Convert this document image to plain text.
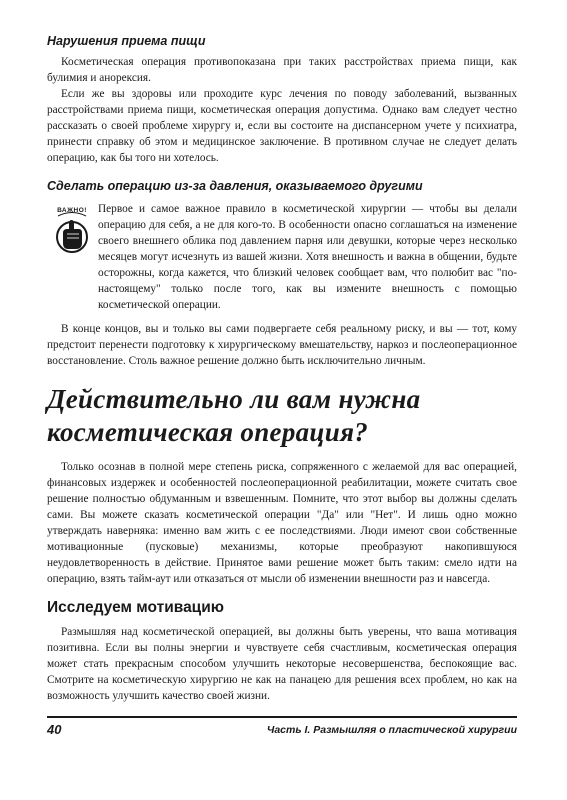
Нарушения приема пищи

Косметическая операция противопоказана при таких расстройствах приема пищи, как булимия и анорексия.

Если же вы здоровы или проходите курс лечения по поводу заболеваний, вызванных расстройствами приема пищи, косметическая операция допустима. Однако вам следует честно рассказать о своей проблеме хирургу и, если вы состоите на диспансерном учете у психиатра, принести справку об этом и медицинское заключение. В противном случае не следует делать операцию, как бы того ни хотелось.

Сделать операцию из-за давления, оказываемого другими
ВАЖНО! Первое и самое важное правило в косметической хирургии — чтобы вы делали операцию для себя, а не для кого-то. В особенности опасно соглашаться на изменение своего внешнего облика под давлением парня или девушки, которые через несколько месяцев могут исчезнуть из вашей жизни. Хотя внешность и важна в общении, будьте осторожны, когда кажется, что близкий человек сообщает вам, что полюбит вас "по-настоящему" только после того, как вы измените внешность с помощью косметической операции.

В конце концов, вы и только вы сами подвергаете себя реальному риску, и вы — тот, кому предстоит перенести подготовку к хирургическому вмешательству, наркоз и послеоперационное восстановление. Столь важное решение должно быть исключительно личным.

Действительно ли вам нужна
косметическая операция?

Только осознав в полной мере степень риска, сопряженного с желаемой для вас операцией, финансовых издержек и особенностей послеоперационной реабилитации, можете считать свое решение полностью обдуманным и взвешенным. Помните, что этот выбор вы должны сделать сами. Вы можете сказать косметической операции "Да" или "Нет". И лишь одно можно утверждать наверняка: именно вам жить с ее последствиями. Люди имеют свои собственные мотивационные (пусковые) механизмы, которые преобразуют накопившуюся неудовлетворенность в действие. Принятое вами решение может быть таким: смело идти на операцию, взять тайм-аут или отказаться от мысли об изменении внешности раз и навсегда.

Исследуем мотивацию

Размышляя над косметической операцией, вы должны быть уверены, что ваша мотивация позитивна. Если вы полны энергии и чувствуете себя счастливым, косметическая операция может стать прекрасным способом улучшить некоторые несовершенства, беспокоящие вас. Смотрите на косметическую хирургию не как на панацею для решения всех проблем, но как на возможность улучшить качество своей жизни.

40	Часть I. Размышляя о пластической хирургии
